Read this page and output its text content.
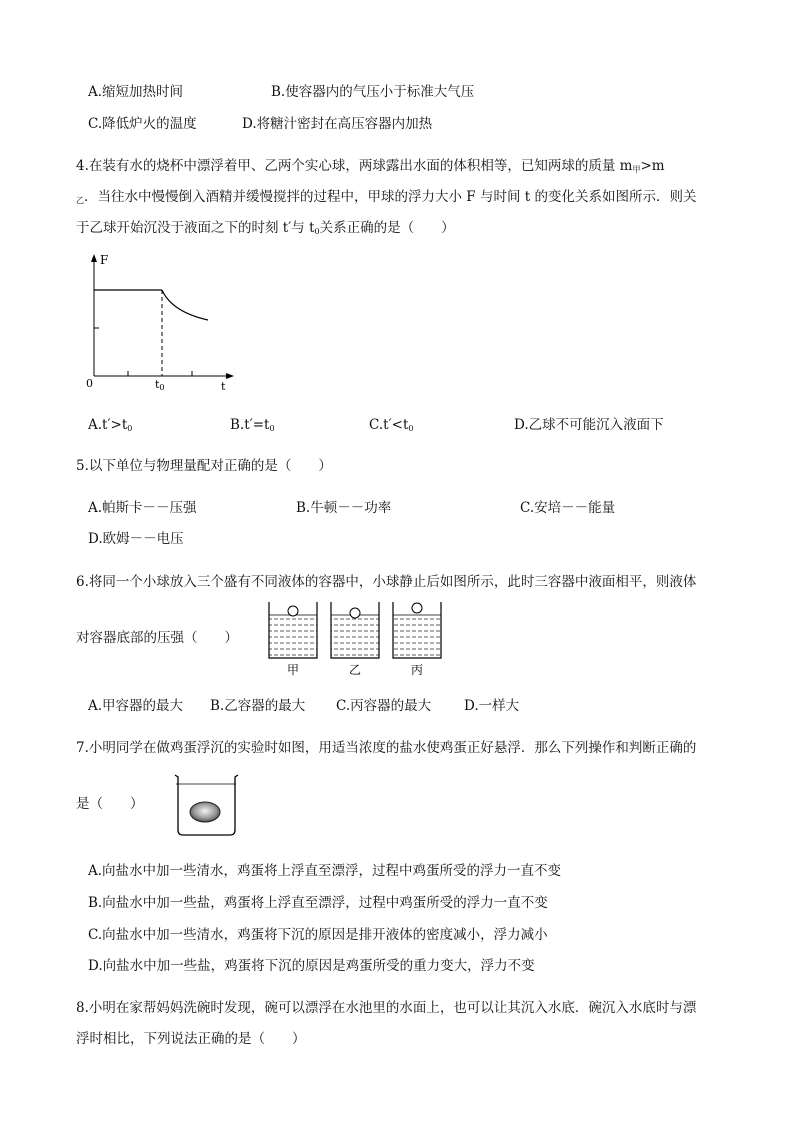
A.缩短加热时间	B.使容器内的气压小于标准大气压
C.降低炉火的温度	D.将糖汁密封在高压容器内加热
4.在装有水的烧杯中漂浮着甲、乙两个实心球，两球露出水面的体积相等，已知两球的质量 $m_甲>m$
$_乙$．当往水中慢慢倒入酒精并缓慢搅拌的过程中，甲球的浮力大小 F 与时间 t 的变化关系如图所示．则关
于乙球开始沉没于液面之下的时刻 t′与 $t_0$关系正确的是（　　）
F
0	t0	t
$A.t'>t_0$	$B.t'=t_0$	$C.t'<t_0$	D.乙球不可能沉入液面下
5.以下单位与物理量配对正确的是（　　）
A.帕斯卡－－压强	B.牛顿－－功率	C.安培－－能量
D.欧姆－－电压
6.将同一个小球放入三个盛有不同液体的容器中，小球静止后如图所示，此时三容器中液面相平，则液体
对容器底部的压强（　　）
甲	乙	丙
A.甲容器的最大 B.乙容器的最大 C.丙容器的最大 D.一样大
7.小明同学在做鸡蛋浮沉的实验时如图，用适当浓度的盐水使鸡蛋正好悬浮．那么下列操作和判断正确的
是（　　）
A.向盐水中加一些清水，鸡蛋将上浮直至漂浮，过程中鸡蛋所受的浮力一直不变
B.向盐水中加一些盐，鸡蛋将上浮直至漂浮，过程中鸡蛋所受的浮力一直不变
C.向盐水中加一些清水，鸡蛋将下沉的原因是排开液体的密度减小，浮力减小
D.向盐水中加一些盐，鸡蛋将下沉的原因是鸡蛋所受的重力变大，浮力不变
8.小明在家帮妈妈洗碗时发现，碗可以漂浮在水池里的水面上，也可以让其沉入水底．碗沉入水底时与漂
浮时相比，下列说法正确的是（　　）
